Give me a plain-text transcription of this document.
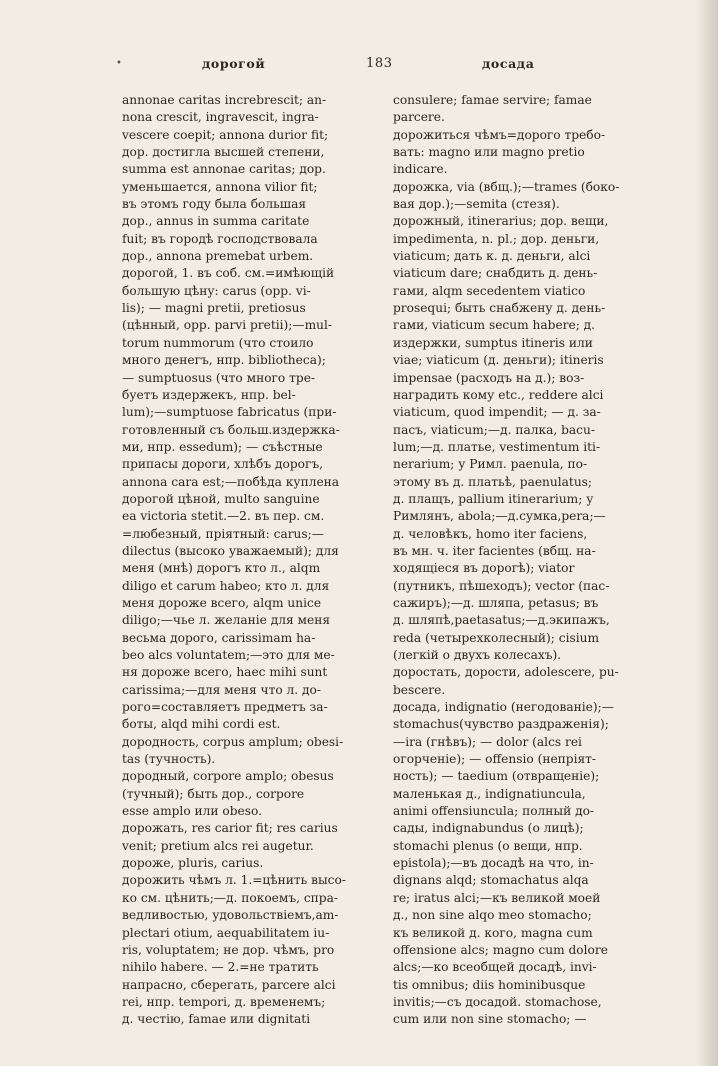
•	дорогой	183	досада
annonae caritas increbrescit; an-
nona crescit, ingravescit, ingra-
vescere coepit; annona durior fit;
дор. достигла высшей степени,
summa est annonae caritas; дор.
уменьшается, annona vilior fit;
въ этомъ году была большая
дор., annus in summa caritate
fuit; въ городѣ господствовала
дор., annona premebat urbem.
дорогой, 1. въ соб. см.=имѣющій
большую цѣну: carus (opp. vi-
lis); — magni pretii, pretiosus
(цѣнный, opp. parvi pretii);—mul-
torum nummorum (что стоило
много денегъ, нпр. bibliotheca);
— sumptuosus (что много тре-
буетъ издержекъ, нпр. bel-
lum);—sumptuose fabricatus (при-
готовленный съ больш.издержка-
ми, нпр. essedum); — съѣстные
припасы дороги, хлѣбъ дорогъ,
annona cara est;—побѣда куплена
дорогой цѣной, multo sanguine
ea victoria stetit.—2. въ пер. см.
=любезный, пріятный: carus;—
dilectus (высоко уважаемый); для
меня (мнѣ) дорогъ кто л., alqm
diligo et carum habeo; кто л. для
меня дороже всего, alqm unice
diligo;—чье л. желаніе для меня
весьма дорого, carissimam ha-
beo alcs voluntatem;—это для ме-
ня дороже всего, haec mihi sunt
carissima;—для меня что л. до-
рого=составляетъ предметъ за-
боты, alqd mihi cordi est.
дородность, corpus amplum; obesi-
tas (тучность).
дородный, corpore amplo; obesus
(тучный); быть дор., corpore
esse amplo или obeso.
дорожать, res carior fit; res carius
venit; pretium alcs rei augetur.
дороже, pluris, carius.
дорожить чѣмъ л. 1.=цѣнить высо-
ко см. цѣнить;—д. покоемъ, спра-
ведливостью, удовольствіемъ,am-
plectari otium, aequabilitatem iu-
ris, voluptatem; не дор. чѣмъ, pro
nihilo habere. — 2.=не тратить
напрасно, сберегать, parcere alci
rei, нпр. tempori, д. временемъ;
д. честію, famae или dignitati
consulere; famae servire; famae
parcere.
дорожиться чѣмъ=дорого требо-
вать: magno или magno pretio
indicare.
дорожка, via (вбщ.);—trames (боко-
вая дор.);—semita (стезя).
дорожный, itinerarius; дор. вещи,
impedimenta, n. pl.; дор. деньги,
viaticum; дать к. д. деньги, alci
viaticum dare; снабдить д. день-
гами, alqm secedentem viatico
prosequi; быть снабжену д. день-
гами, viaticum secum habere; д.
издержки, sumptus itineris или
viae; viaticum (д. деньги); itineris
impensae (расходъ на д.); воз-
наградить кому etc., reddere alci
viaticum, quod impendit; — д. за-
пасъ, viaticum;—д. палка, bacu-
lum;—д. платье, vestimentum iti-
nerarium; у Римл. paenula, по-
этому въ д. платьѣ, paenulatus;
д. плащъ, pallium itinerarium; у
Римлянъ, abola;—д.сумка,pera;—
д. человѣкъ, homo iter faciens,
въ мн. ч. iter facientes (вбщ. на-
ходящіеся въ дорогѣ); viator
(путникъ, пѣшеходъ); vector (пас-
сажиръ);—д. шляпа, petasus; въ
д. шляпѣ,paetasatus;—д.экипажъ,
reda (четырехколесный); cisium
(легкій о двухъ колесахъ).
доростать, дорости, adolescere, pu-
bescere.
досада, indignatio (негодованіе);—
stomachus(чувство раздраженія);
—ira (гнѣвъ); — dolor (alcs rei
огорченіе); — offensio (непріят-
ность); — taedium (отвращеніе);
маленькая д., indignatiuncula,
animi offensiuncula; полный до-
сады, indignabundus (о лицѣ);
stomachi plenus (о вещи, нпр.
epistola);—въ досадѣ на что, in-
dignans alqd; stomachatus alqa
re; iratus alci;—къ великой моей
д., non sine alqo meo stomacho;
къ великой д. кого, magna cum
offensione alcs; magno cum dolore
alcs;—ко всеобщей досадѣ, invi-
tis omnibus; diis hominibusque
invitis;—съ досадой. stomachose,
cum или non sine stomacho; —
